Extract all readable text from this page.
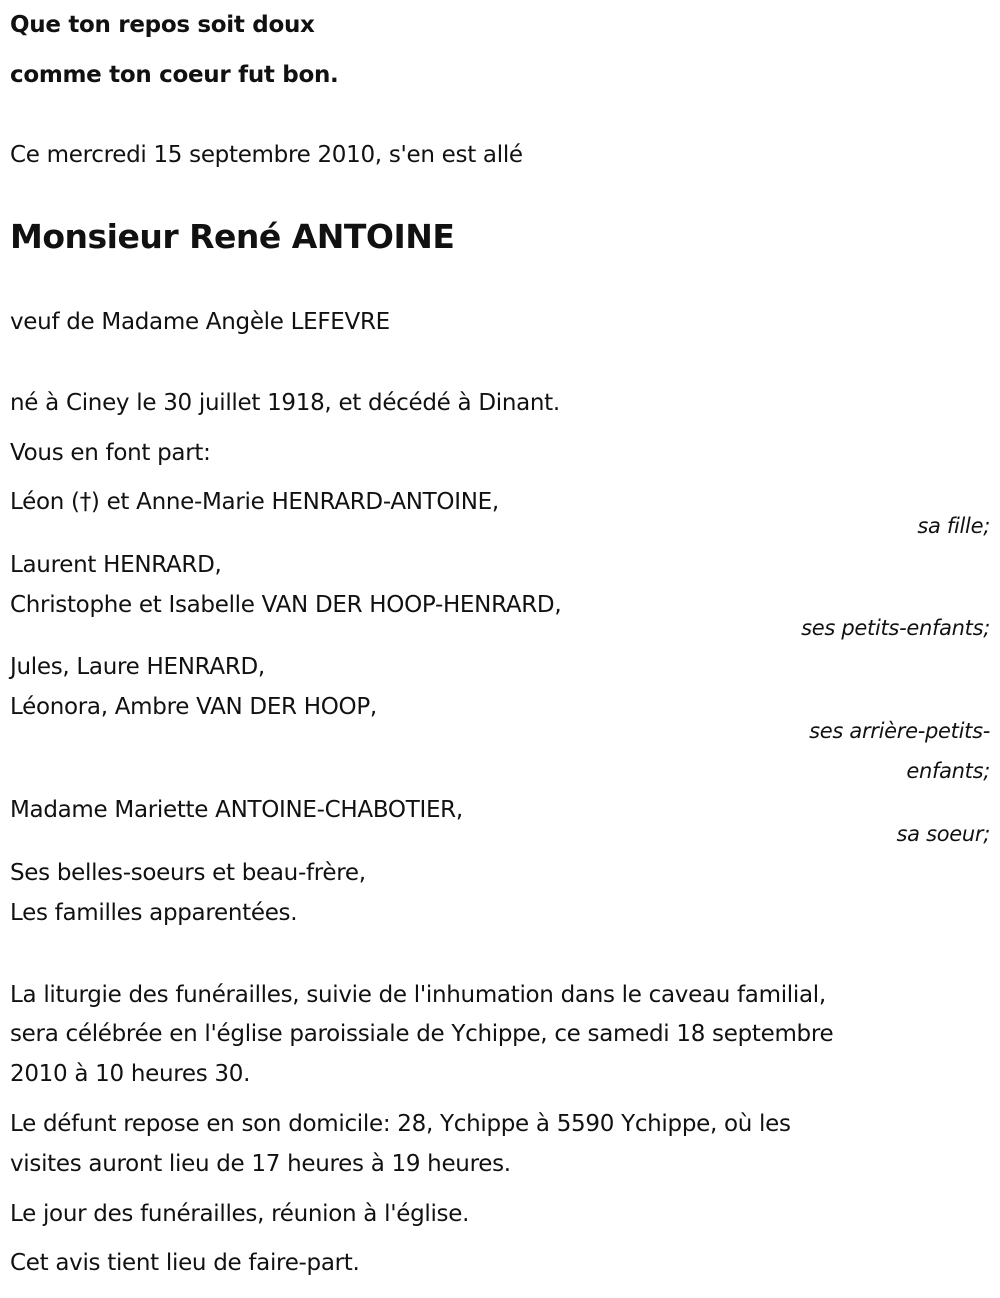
Que ton repos soit doux
comme ton coeur fut bon.
Ce mercredi 15 septembre 2010, s'en est allé
Monsieur René ANTOINE
veuf de Madame Angèle LEFEVRE
né à Ciney le 30 juillet 1918, et décédé à Dinant.
Vous en font part:
Léon (†) et Anne-Marie HENRARD-ANTOINE,
sa fille;
Laurent HENRARD,
Christophe et Isabelle VAN DER HOOP-HENRARD,
ses petits-enfants;
Jules, Laure HENRARD,
Léonora, Ambre VAN DER HOOP,
ses arrière-petits-
enfants;
Madame Mariette ANTOINE-CHABOTIER,
sa soeur;
Ses belles-soeurs et beau-frère,
Les familles apparentées.
La liturgie des funérailles, suivie de l'inhumation dans le caveau familial,
sera célébrée en l'église paroissiale de Ychippe, ce samedi 18 septembre
2010 à 10 heures 30.
Le défunt repose en son domicile: 28, Ychippe à 5590 Ychippe, où les
visites auront lieu de 17 heures à 19 heures.
Le jour des funérailles, réunion à l'église.
Cet avis tient lieu de faire-part.
